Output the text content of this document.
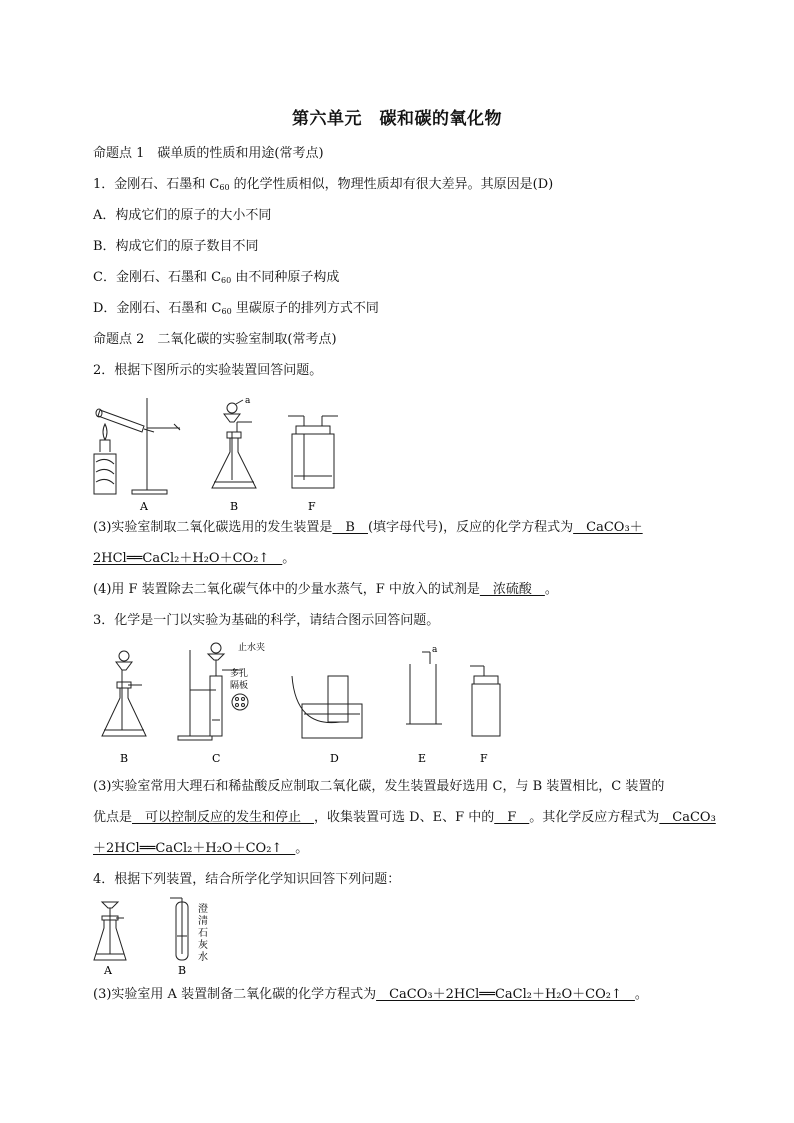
第六单元　碳和碳的氧化物
命题点 1　碳单质的性质和用途(常考点)
1．金刚石、石墨和 $C_{60}$ 的化学性质相似，物理性质却有很大差异。其原因是(D)
A．构成它们的原子的大小不同
B．构成它们的原子数目不同
C．金刚石、石墨和 $C_{60}$ 由不同种原子构成
D．金刚石、石墨和 $C_{60}$ 里碳原子的排列方式不同
命题点 2　二氧化碳的实验室制取(常考点)
2．根据下图所示的实验装置回答问题。
A	B	F
a
(3)实验室制取二氧化碳选用的发生装置是　B　(填字母代号)，反应的化学方程式为　CaCO₃＋
2HCl══CaCl₂＋H₂O＋CO₂↑　。
(4)用 F 装置除去二氧化碳气体中的少量水蒸气，F 中放入的试剂是　浓硫酸　。
3．化学是一门以实验为基础的科学，请结合图示回答问题。
止水夹
多孔
隔板
a
B	C	D	E	F
(3)实验室常用大理石和稀盐酸反应制取二氧化碳，发生装置最好选用 C，与 B 装置相比，C 装置的
优点是　可以控制反应的发生和停止　，收集装置可选 D、E、F 中的　F　。其化学反应方程式为　CaCO₃
＋2HCl══CaCl₂＋H₂O＋CO₂↑　。
4．根据下列装置，结合所学化学知识回答下列问题：
A	B
澄
清
石
灰
水
(3)实验室用 A 装置制备二氧化碳的化学方程式为　CaCO₃＋2HCl══CaCl₂＋H₂O＋CO₂↑　。
